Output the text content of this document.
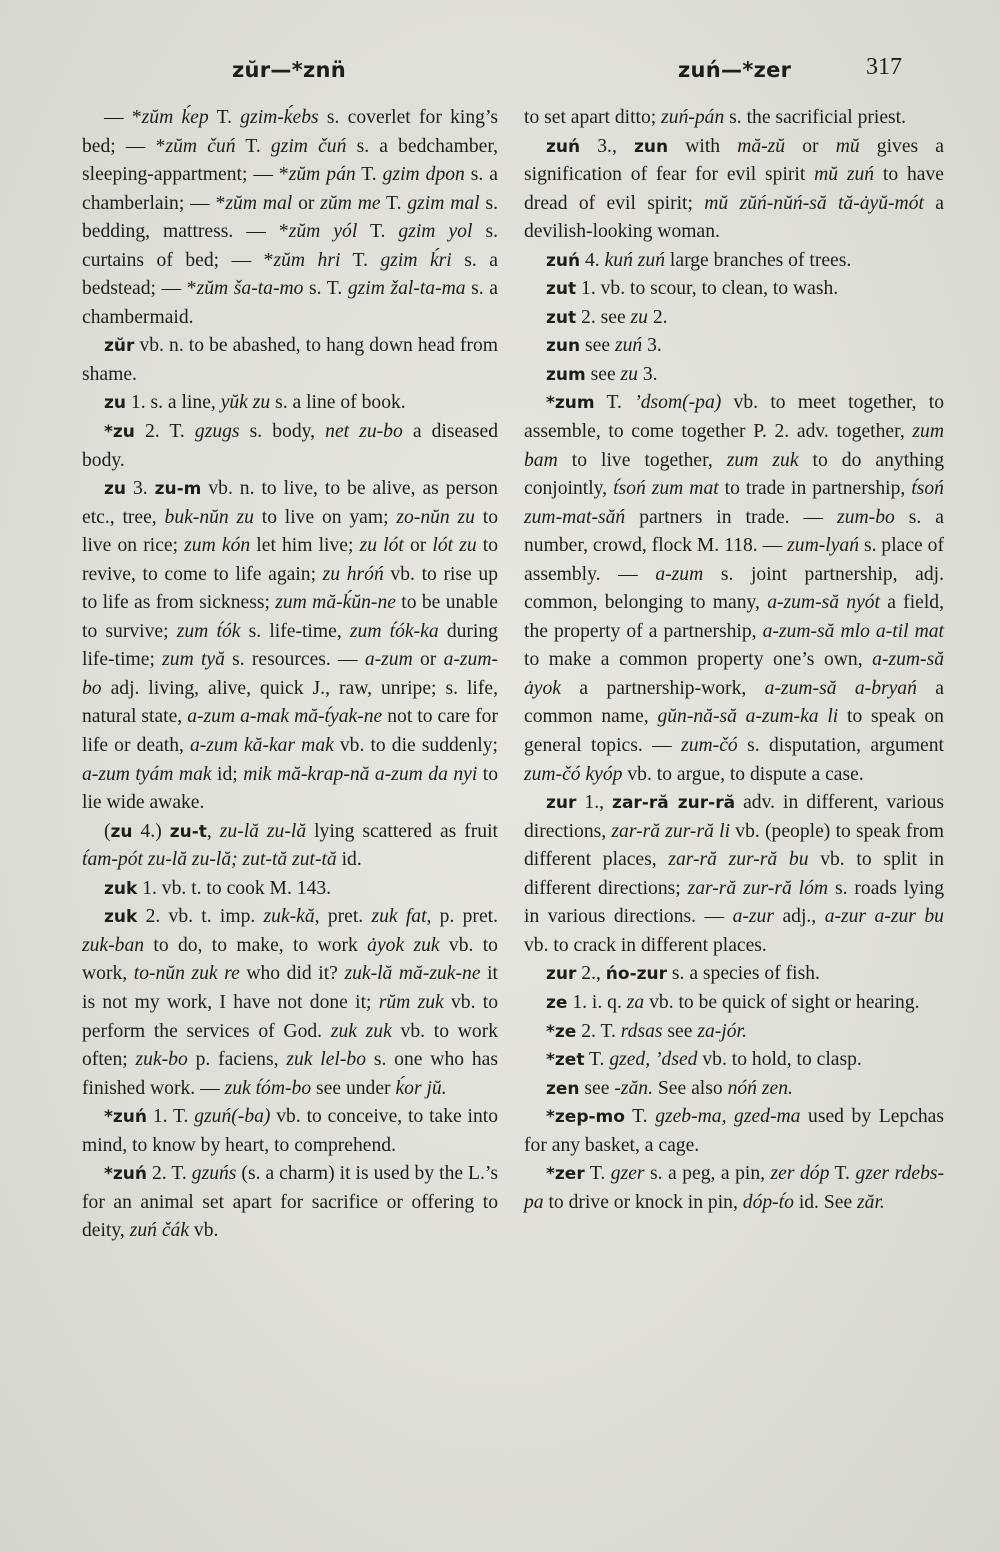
zŭr—*znn̈	zuń—*zer	317

— *zŭm ḱep T. gzim-ḱebs s. coverlet for king’s bed; — *zŭm čuń T. gzim čuń s. a bedchamber, sleeping-appartment; — *zŭm pán T. gzim dpon s. a chamberlain; — *zŭm mal or zŭm me T. gzim mal s. bedding, mattress. — *zŭm yól T. gzim yol s. curtains of bed; — *zŭm hri T. gzim ḱri s. a bedstead; — *zŭm ša-ta-mo s. T. gzim žal-ta-ma s. a chambermaid.

zŭr vb. n. to be abashed, to hang down head from shame.

zu 1. s. a line, yŭk zu s. a line of book.

*zu 2. T. gzugs s. body, net zu-bo a diseased body.

zu 3. zu-m vb. n. to live, to be alive, as person etc., tree, buk-nŭn zu to live on yam; zo-nŭn zu to live on rice; zum kón let him live; zu lót or lót zu to revive, to come to life again; zu hróń vb. to rise up to life as from sickness; zum mă-ḱŭn-ne to be unable to survive; zum t́ók s. life-time, zum t́ók-ka during life-time; zum tyă s. resources. — a-zum or a-zum-bo adj. living, alive, quick J., raw, unripe; s. life, natural state, a-zum a-mak mă-t́yak-ne not to care for life or death, a-zum kă-kar mak vb. to die suddenly; a-zum tyám mak id; mik mă-krap-nă a-zum da nyi to lie wide awake.

(zu 4.) zu-t, zu-lă zu-lă lying scattered as fruit t́am-pót zu-lă zu-lă; zut-tă zut-tă id.

zuk 1. vb. t. to cook M. 143.

zuk 2. vb. t. imp. zuk-kă, pret. zuk fat, p. pret. zuk-ban to do, to make, to work ȧyok zuk vb. to work, to-nŭn zuk re who did it? zuk-lă mă-zuk-ne it is not my work, I have not done it; rŭm zuk vb. to perform the services of God. zuk zuk vb. to work often; zuk-bo p. faciens, zuk lel-bo s. one who has finished work. — zuk t́óm-bo see under ḱor jŭ.

*zuń 1. T. gzuń(-ba) vb. to conceive, to take into mind, to know by heart, to comprehend.

*zuń 2. T. gzuńs (s. a charm) it is used by the L.’s for an animal set apart for sacrifice or offering to deity, zuń čák vb.

to set apart ditto; zuń-pán s. the sacrificial priest.

zuń 3., zun with mă-zŭ or mŭ gives a signification of fear for evil spirit mŭ zuń to have dread of evil spirit; mŭ zŭń-nŭń-să tă-ȧyŭ-mót a devilish-looking woman.

zuń 4. kuń zuń large branches of trees.

zut 1. vb. to scour, to clean, to wash.

zut 2. see zu 2.

zun see zuń 3.

zum see zu 3.

*zum T. ’dsom(-pa) vb. to meet together, to assemble, to come together P. 2. adv. together, zum bam to live together, zum zuk to do anything conjointly, t́soń zum mat to trade in partnership, t́soń zum-mat-săń partners in trade. — zum-bo s. a number, crowd, flock M. 118. — zum-lyań s. place of assembly. — a-zum s. joint partnership, adj. common, belonging to many, a-zum-să nyót a field, the property of a partnership, a-zum-să mlo a-til mat to make a common property one’s own, a-zum-să ȧyok a partnership-work, a-zum-să a-bryań a common name, gŭn-nă-să a-zum-ka li to speak on general topics. — zum-čó s. disputation, argument zum-čó kyóp vb. to argue, to dispute a case.

zur 1., zar-ră zur-ră adv. in different, various directions, zar-ră zur-ră li vb. (people) to speak from different places, zar-ră zur-ră bu vb. to split in different directions; zar-ră zur-ră lóm s. roads lying in various directions. — a-zur adj., a-zur a-zur bu vb. to crack in different places.

zur 2., ńo-zur s. a species of fish.

ze 1. i. q. za vb. to be quick of sight or hearing.

*ze 2. T. rdsas see za-jór.

*zet T. gzed, ’dsed vb. to hold, to clasp.

zen see -zăn. See also nóń zen.

*zep-mo T. gzeb-ma, gzed-ma used by Lepchas for any basket, a cage.

*zer T. gzer s. a peg, a pin, zer dóp T. gzer rdebs-pa to drive or knock in pin, dóp-t́o id. See zăr.
